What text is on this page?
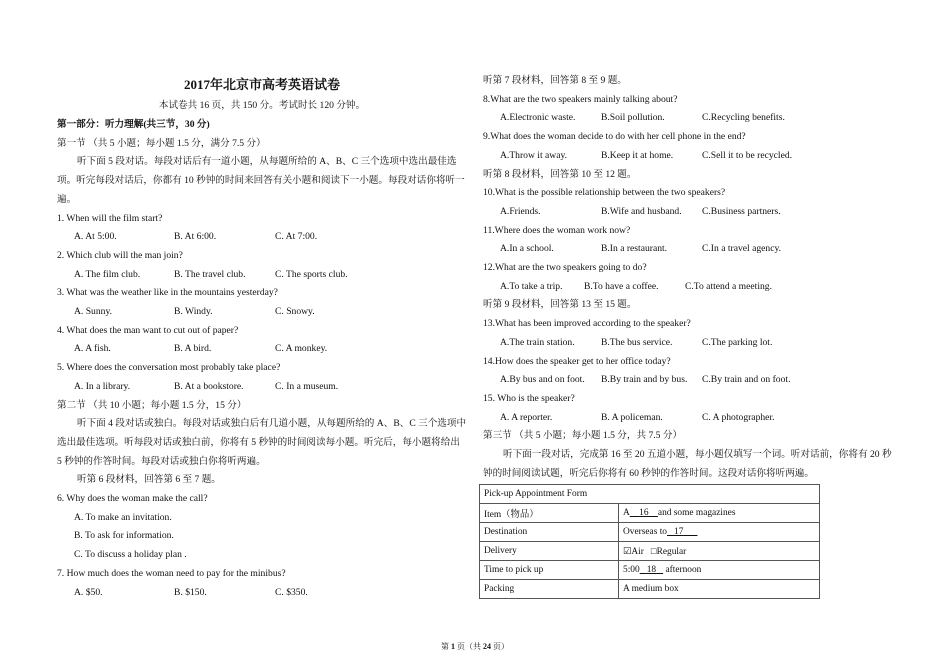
2017年北京市高考英语试卷
本试卷共 16 页，共 150 分。考试时长 120 分钟。
第一部分：听力理解(共三节，30 分)
第一节 （共 5 小题；每小题 1.5 分，满分 7.5 分）
听下面 5 段对话。每段对话后有一道小题，从每题所给的 A、B、C 三个选项中选出最佳选项。听完每段对话后，你都有 10 秒钟的时间来回答有关小题和阅读下一小题。每段对话你将听一遍。
1. When will the film start?
A. At 5:00.	B. At 6:00.	C. At 7:00.
2. Which club will the man join?
A. The film club.	B. The travel club.	C. The sports club.
3. What was the weather like in the mountains yesterday?
A. Sunny.	B. Windy.	C. Snowy.
4. What does the man want to cut out of paper?
A. A fish.	B. A bird.	C. A monkey.
5. Where does the conversation most probably take place?
A. In a library.	B. At a bookstore.	C. In a museum.
第二节 （共 10 小题；每小题 1.5 分，15 分）
听下面 4 段对话或独白。每段对话或独白后有几道小题，从每题所给的 A、B、C 三个选项中选出最佳选项。听每段对话或独白前，你将有 5 秒钟的时间阅读每小题。听完后，每小题将给出 5 秒钟的作答时间。每段对话或独白你将听两遍。
听第 6 段材料，回答第 6 至 7 题。
6. Why does the woman make the call?
A. To make an invitation.
B. To ask for information.
C. To discuss a holiday plan .
7. How much does the woman need to pay for the minibus?
A. $50.	B. $150.	C. $350.
听第 7 段材料，回答第 8 至 9 题。
8.What are the two speakers mainly talking about?
A.Electronic waste.	B.Soil pollution.	C.Recycling benefits.
9.What does the woman decide to do with her cell phone in the end?
A.Throw it away.	B.Keep it at home.	C.Sell it to be recycled.
听第 8 段材料，回答第 10 至 12 题。
10.What is the possible relationship between the two speakers?
A.Friends.	B.Wife and husband.	C.Business partners.
11.Where does the woman work now?
A.In a school.	B.In a restaurant.	C.In a travel agency.
12.What are the two speakers going to do?
A.To take a trip.	B.To have a coffee.	C.To attend a meeting.
听第 9 段材料，回答第 13 至 15 题。
13.What has been improved according to the speaker?
A.The train station.	B.The bus service.	C.The parking lot.
14.How does the speaker get to her office today?
A.By bus and on foot.	B.By train and by bus.	C.By train and on foot.
15. Who is the speaker?
A. A reporter.	B. A policeman.	C. A photographer.
第三节 （共 5 小题；每小题 1.5 分，共 7.5 分）
听下面一段对话，完成第 16 至 20 五道小题，每小题仅填写一个词。听对话前，你将有 20 秒钟的时间阅读试题，听完后你将有 60 秒钟的作答时间。这段对话你将听两遍。
Pick-up Appointment Form	
Item（物品）	A 16 and some magazines
Destination	Overseas to 17
Delivery	☑Air   □Regular
Time to pick up	5:00 18 afternoon
Packing	A medium box
第 1 页（共 24 页）
